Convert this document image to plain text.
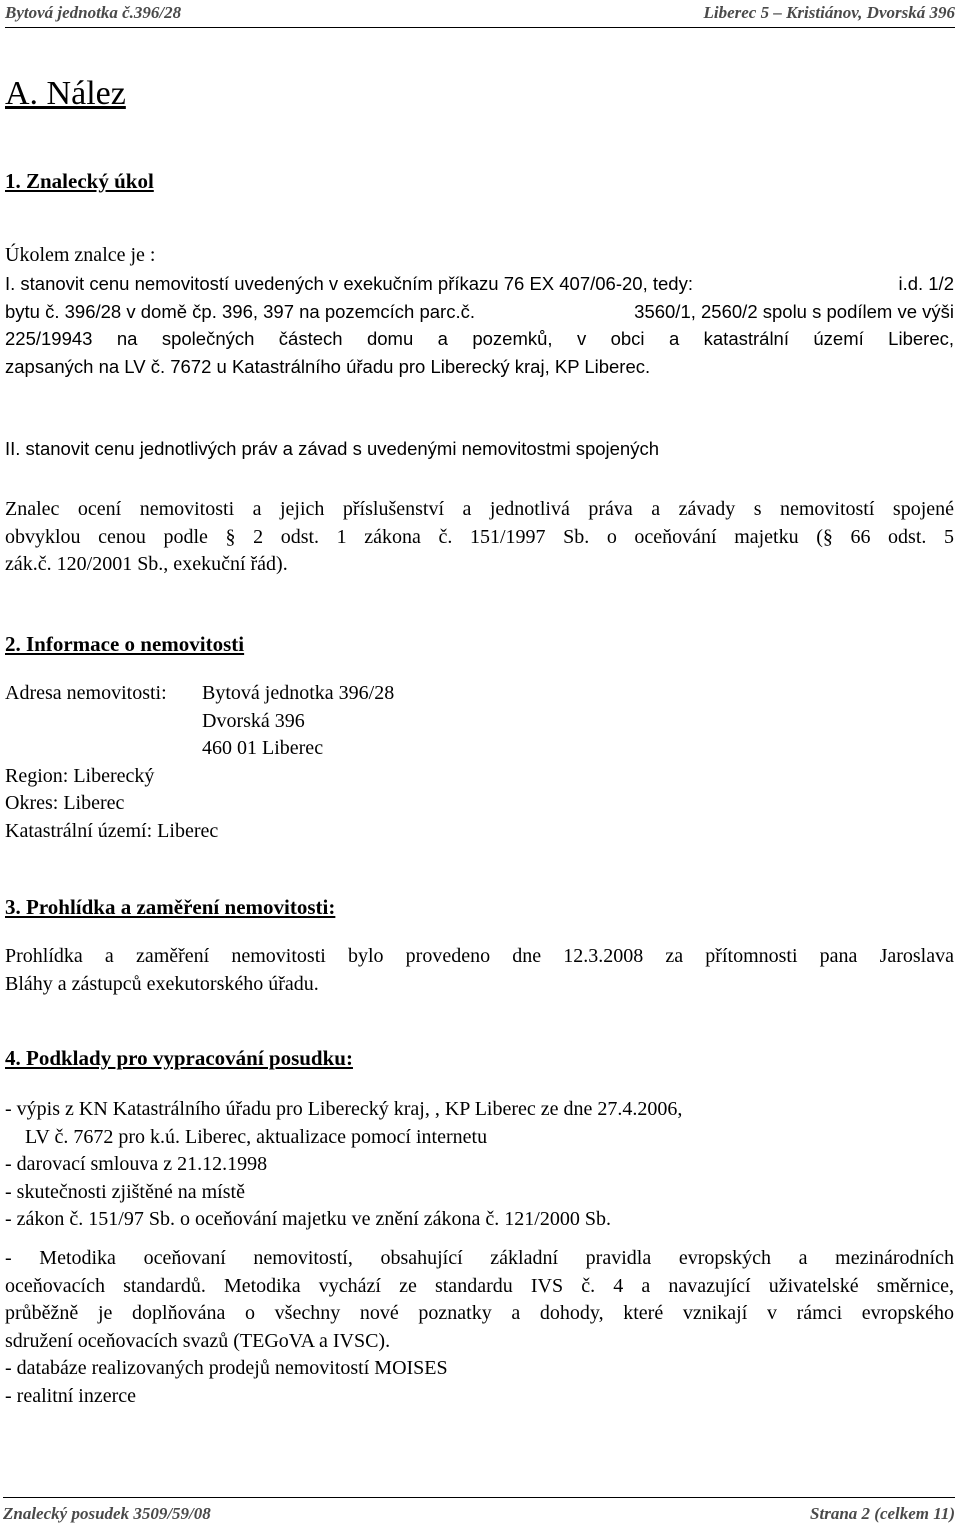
Bytová jednotka č.396/28	Liberec 5 – Kristiánov, Dvorská 396
A. Nález
1. Znalecký úkol
Úkolem znalce je :
I. stanovit cenu nemovitostí uvedených v exekučním příkazu 76 EX 407/06-20, tedy:	i.d. 1/2
bytu č. 396/28 v domě čp. 396, 397 na pozemcích parc.č.	3560/1, 2560/2 spolu s podílem ve výši
225/19943 na společných částech domu a pozemků, v obci a katastrální území Liberec,
zapsaných na LV č. 7672 u Katastrálního úřadu pro Liberecký kraj, KP Liberec.
II. stanovit cenu jednotlivých práv a závad s uvedenými nemovitostmi spojených
Znalec ocení nemovitosti a jejich příslušenství a jednotlivá práva a závady s nemovitostí spojené
obvyklou cenou podle § 2 odst. 1 zákona č. 151/1997 Sb. o oceňování majetku (§ 66 odst. 5
zák.č. 120/2001 Sb., exekuční řád).
2. Informace o nemovitosti
Adresa nemovitosti:	Bytová jednotka 396/28
Dvorská 396
460 01 Liberec
Region: Liberecký
Okres: Liberec
Katastrální území: Liberec
3. Prohlídka a zaměření nemovitosti:
Prohlídka a zaměření nemovitosti bylo provedeno dne 12.3.2008 za přítomnosti pana Jaroslava
Bláhy a zástupců exekutorského úřadu.
4. Podklady pro vypracování posudku:
- výpis z KN Katastrálního úřadu pro Liberecký kraj, , KP Liberec ze dne 27.4.2006,
LV č. 7672 pro k.ú. Liberec, aktualizace pomocí internetu
- darovací smlouva z 21.12.1998
- skutečnosti zjištěné na místě
- zákon č. 151/97 Sb. o oceňování majetku ve znění zákona č. 121/2000 Sb.
- Metodika oceňovaní nemovitostí, obsahující základní pravidla evropských a mezinárodních
oceňovacích standardů. Metodika vychází ze standardu IVS č. 4 a navazující uživatelské směrnice,
průběžně je doplňována o všechny nové poznatky a dohody, které vznikají v rámci evropského
sdružení oceňovacích svazů (TEGoVA a IVSC).
- databáze realizovaných prodejů nemovitostí MOISES
- realitní inzerce
Znalecký posudek 3509/59/08	Strana 2 (celkem 11)
